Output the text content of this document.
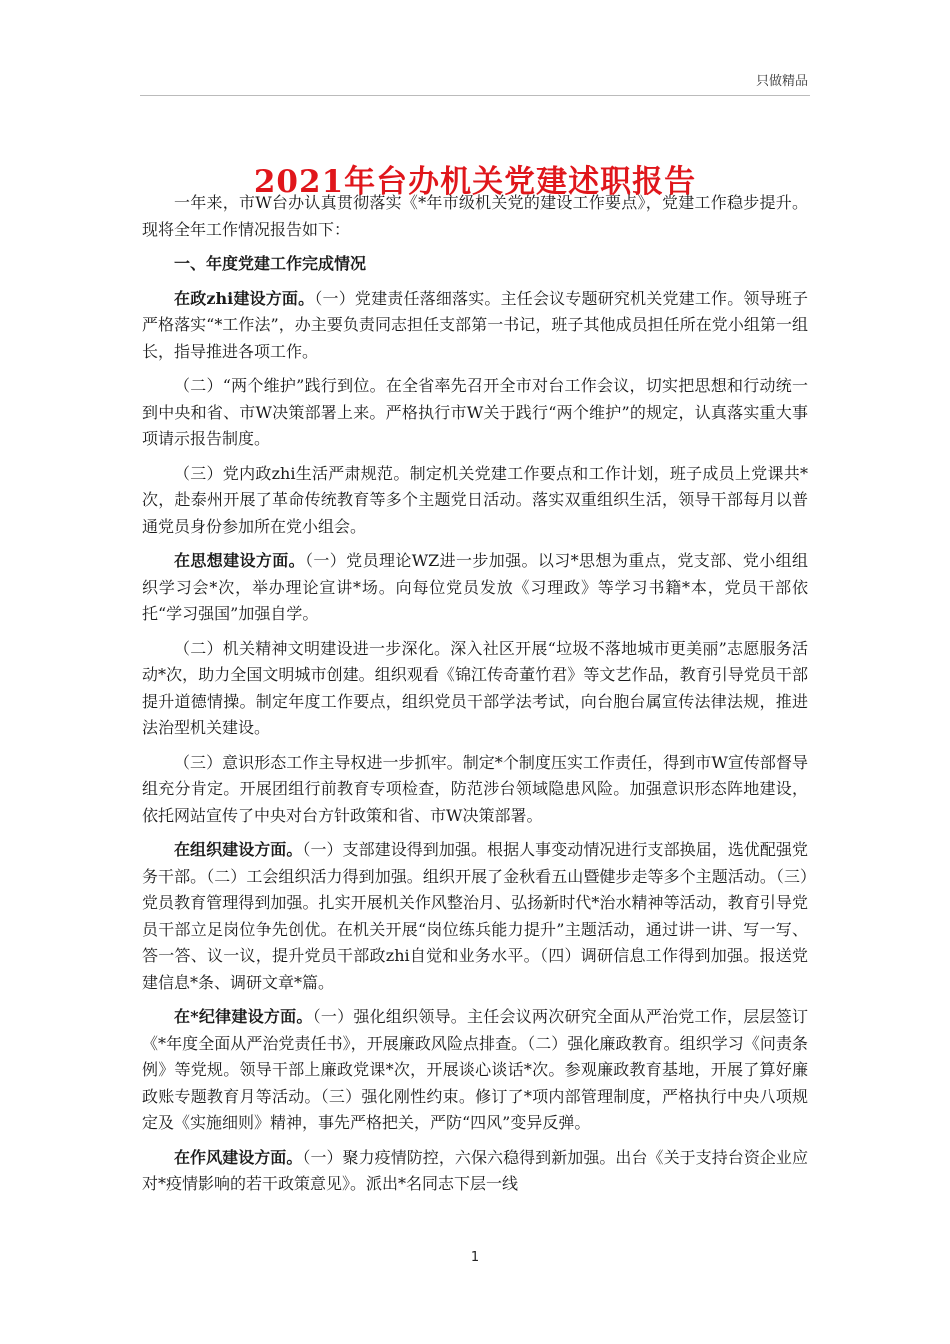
只做精品
2021年台办机关党建述职报告

一年来，市W台办认真贯彻落实《*年市级机关党的建设工作要点》，党建工作稳步提升。现将全年工作情况报告如下：

一、年度党建工作完成情况

在政zhi建设方面。（一）党建责任落细落实。主任会议专题研究机关党建工作。领导班子严格落实“*工作法”，办主要负责同志担任支部第一书记，班子其他成员担任所在党小组第一组长，指导推进各项工作。

（二）“两个维护”践行到位。在全省率先召开全市对台工作会议，切实把思想和行动统一到中央和省、市W决策部署上来。严格执行市W关于践行“两个维护”的规定，认真落实重大事项请示报告制度。

（三）党内政zhi生活严肃规范。制定机关党建工作要点和工作计划，班子成员上党课共*次，赴泰州开展了革命传统教育等多个主题党日活动。落实双重组织生活，领导干部每月以普通党员身份参加所在党小组会。

在思想建设方面。（一）党员理论WZ进一步加强。以习*思想为重点，党支部、党小组组织学习会*次，举办理论宣讲*场。向每位党员发放《习理政》等学习书籍*本，党员干部依托“学习强国”加强自学。

（二）机关精神文明建设进一步深化。深入社区开展“垃圾不落地城市更美丽”志愿服务活动*次，助力全国文明城市创建。组织观看《锦江传奇董竹君》等文艺作品，教育引导党员干部提升道德情操。制定年度工作要点，组织党员干部学法考试，向台胞台属宣传法律法规，推进法治型机关建设。

（三）意识形态工作主导权进一步抓牢。制定*个制度压实工作责任，得到市W宣传部督导组充分肯定。开展团组行前教育专项检查，防范涉台领域隐患风险。加强意识形态阵地建设，依托网站宣传了中央对台方针政策和省、市W决策部署。

在组织建设方面。（一）支部建设得到加强。根据人事变动情况进行支部换届，选优配强党务干部。（二）工会组织活力得到加强。组织开展了金秋看五山暨健步走等多个主题活动。（三）党员教育管理得到加强。扎实开展机关作风整治月、弘扬新时代*治水精神等活动，教育引导党员干部立足岗位争先创优。在机关开展“岗位练兵能力提升”主题活动，通过讲一讲、写一写、答一答、议一议，提升党员干部政zhi自觉和业务水平。（四）调研信息工作得到加强。报送党建信息*条、调研文章*篇。

在*纪律建设方面。（一）强化组织领导。主任会议两次研究全面从严治党工作，层层签订《*年度全面从严治党责任书》，开展廉政风险点排查。（二）强化廉政教育。组织学习《问责条例》等党规。领导干部上廉政党课*次，开展谈心谈话*次。参观廉政教育基地，开展了算好廉政账专题教育月等活动。（三）强化刚性约束。修订了*项内部管理制度，严格执行中央八项规定及《实施细则》精神，事先严格把关，严防“四风”变异反弹。

在作风建设方面。（一）聚力疫情防控，六保六稳得到新加强。出台《关于支持台资企业应对*疫情影响的若干政策意见》。派出*名同志下层一线

1
